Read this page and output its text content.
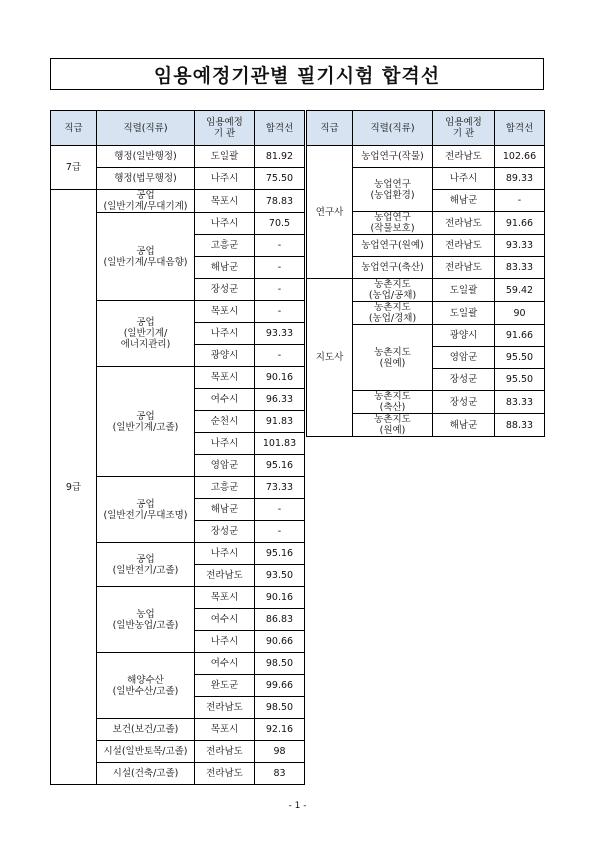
임용예정기관별 필기시험 합격선
직급	직렬(직류)	임용예정
기 관	합격선
7급	행정(일반행정)	도일괄	81.92

	행정(법무행정)	나주시	75.50
9급	공업
(일반기계/무대기계)	목포시	78.83

	공업
(일반기계/무대음향)	나주시	70.5
		고흥군	-
		해남군	-
		장성군	-

	공업
(일반기계/
에너지관리)	목포시	-
		나주시	93.33
		광양시	-

	공업
(일반기계/고졸)	목포시	90.16
		여수시	96.33
		순천시	91.83
		나주시	101.83
		영암군	95.16

	공업
(일반전기/무대조명)	고흥군	73.33
		해남군	-
		장성군	-

	공업
(일반전기/고졸)	나주시	95.16
		전라남도	93.50

	농업
(일반농업/고졸)	목포시	90.16
		여수시	86.83
		나주시	90.66

	해양수산
(일반수산/고졸)	여수시	98.50
		완도군	99.66
		전라남도	98.50

	보건(보건/고졸)	목포시	92.16

	시설(일반토목/고졸)	전라남도	98

	시설(건축/고졸)	전라남도	83
직급	직렬(직류)	임용예정
기 관	합격선
연구사	농업연구(작물)	전라남도	102.66

	농업연구
(농업환경)	나주시	89.33
		해남군	-

	농업연구
(작물보호)	전라남도	91.66

	농업연구(원예)	전라남도	93.33

	농업연구(축산)	전라남도	83.33
지도사	농촌지도
(농업/공채)	도일괄	59.42

	농촌지도
(농업/경채)	도일괄	90

	농촌지도
(원예)	광양시	91.66
		영암군	95.50
		장성군	95.50

	농촌지도
(축산)	장성군	83.33

	농촌지도
(원예)	해남군	88.33
- 1 -
